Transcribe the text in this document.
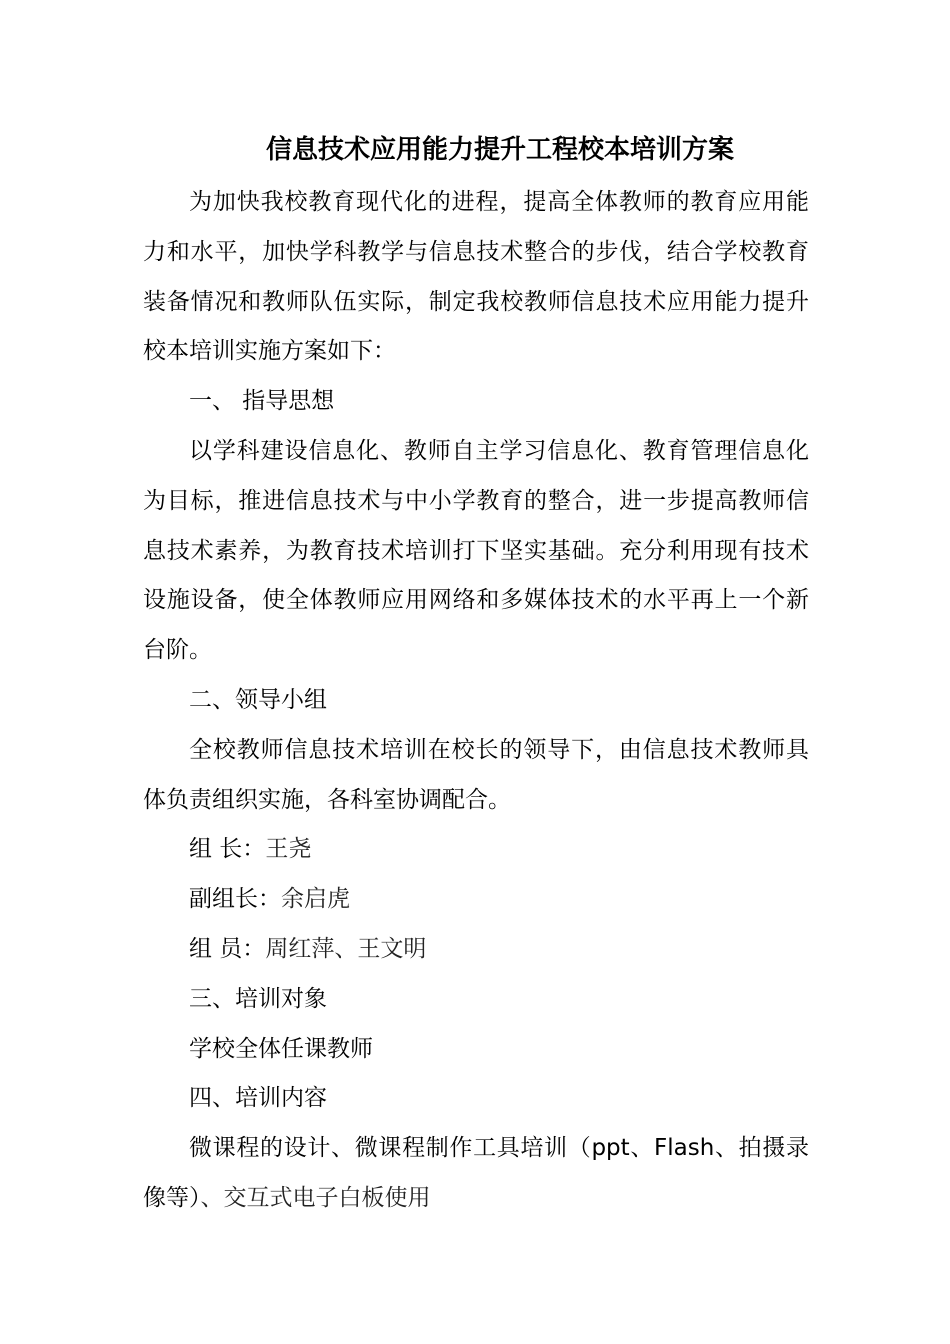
信息技术应用能力提升工程校本培训方案

为加快我校教育现代化的进程，提高全体教师的教育应用能力和水平，加快学科教学与信息技术整合的步伐，结合学校教育装备情况和教师队伍实际，制定我校教师信息技术应用能力提升校本培训实施方案如下：

一、 指导思想

以学科建设信息化、教师自主学习信息化、教育管理信息化为目标，推进信息技术与中小学教育的整合，进一步提高教师信息技术素养，为教育技术培训打下坚实基础。充分利用现有技术设施设备，使全体教师应用网络和多媒体技术的水平再上一个新台阶。

二、领导小组

全校教师信息技术培训在校长的领导下，由信息技术教师具体负责组织实施，各科室协调配合。

组 长：王尧

副组长：余启虎

组 员：周红萍、王文明

三、培训对象

学校全体任课教师

四、培训内容

微课程的设计、微课程制作工具培训（ppt、Flash、拍摄录像等）、交互式电子白板使用
